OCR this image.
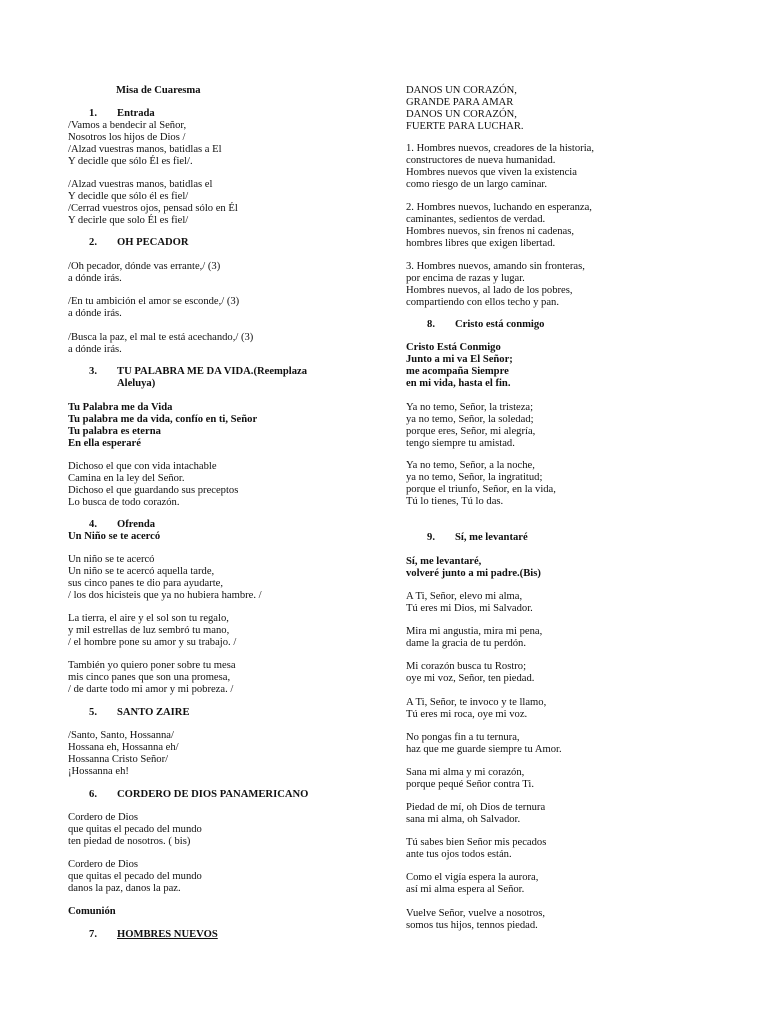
Misa de Cuaresma
1. Entrada
/Vamos a bendecir al Señor,
Nosotros los hijos de Dios /
/Alzad vuestras manos, batidlas a El
Y decidle que sólo Él es fiel/.
/Alzad vuestras manos, batidlas el
Y decidle que sólo él es fiel/
/Cerrad vuestros ojos, pensad sólo en Él
Y decirle que solo Él es fiel/
2. OH PECADOR
/Oh pecador, dónde vas errante,/ (3)
a dónde irás.
/En tu ambición el amor se esconde,/ (3)
a dónde irás.
/Busca la paz, el mal te está acechando,/ (3)
a dónde irás.
3. TU PALABRA ME DA VIDA.(Reemplaza
Aleluya)
Tu Palabra me da Vida
Tu palabra me da vida, confío en ti, Señor
Tu palabra es eterna
En ella esperaré
Dichoso el que con vida intachable
Camina en la ley del Señor.
Dichoso el que guardando sus preceptos
Lo busca de todo corazón.
4. Ofrenda
Un Niño se te acercó
Un niño se te acercó
Un niño se te acercó aquella tarde,
sus cinco panes te dio para ayudarte,
/ los dos hicisteis que ya no hubiera hambre. /
La tierra, el aire y el sol son tu regalo,
y mil estrellas de luz sembró tu mano,
/ el hombre pone su amor y su trabajo. /
También yo quiero poner sobre tu mesa
mis cinco panes que son una promesa,
/ de darte todo mi amor y mi pobreza. /
5. SANTO ZAIRE
/Santo, Santo, Hossanna/
Hossana eh, Hossanna eh/
Hossanna Cristo Señor/
¡Hossanna eh!
6. CORDERO DE DIOS PANAMERICANO
Cordero de Dios
que quitas el pecado del mundo
ten piedad de nosotros. ( bis)
Cordero de Dios
que quitas el pecado del mundo
danos la paz, danos la paz.
Comunión
7. HOMBRES NUEVOS
DANOS UN CORAZÓN,
GRANDE PARA AMAR
DANOS UN CORAZÓN,
FUERTE PARA LUCHAR.
1. Hombres nuevos, creadores de la historia,
constructores de nueva humanidad.
Hombres nuevos que viven la existencia
como riesgo de un largo caminar.
2. Hombres nuevos, luchando en esperanza,
caminantes, sedientos de verdad.
Hombres nuevos, sin frenos ni cadenas,
hombres libres que exigen libertad.
3. Hombres nuevos, amando sin fronteras,
por encima de razas y lugar.
Hombres nuevos, al lado de los pobres,
compartiendo con ellos techo y pan.
8. Cristo está conmigo
Cristo Está Conmigo
Junto a mi va El Señor;
me acompaña Siempre
en mi vida, hasta el fin.
Ya no temo, Señor, la tristeza;
ya no temo, Señor, la soledad;
porque eres, Señor, mi alegría,
tengo siempre tu amistad.
Ya no temo, Señor, a la noche,
ya no temo, Señor, la ingratitud;
porque el triunfo, Señor, en la vida,
Tú lo tienes, Tú lo das.
9. Sí, me levantaré
Sí, me levantaré,
volveré junto a mi padre.(Bis)
A Ti, Señor, elevo mi alma,
Tú eres mi Dios, mi Salvador.
Mira mi angustia, mira mi pena,
dame la gracia de tu perdón.
Mi corazón busca tu Rostro;
oye mi voz, Señor, ten piedad.
A Ti, Señor, te invoco y te llamo,
Tú eres mi roca, oye mi voz.
No pongas fin a tu ternura,
haz que me guarde siempre tu Amor.
Sana mi alma y mi corazón,
porque pequé Señor contra Ti.
Piedad de mí, oh Dios de ternura
sana mi alma, oh Salvador.
Tú sabes bien Señor mis pecados
ante tus ojos todos están.
Como el vigía espera la aurora,
así mi alma espera al Señor.
Vuelve Señor, vuelve a nosotros,
somos tus hijos, tennos piedad.
